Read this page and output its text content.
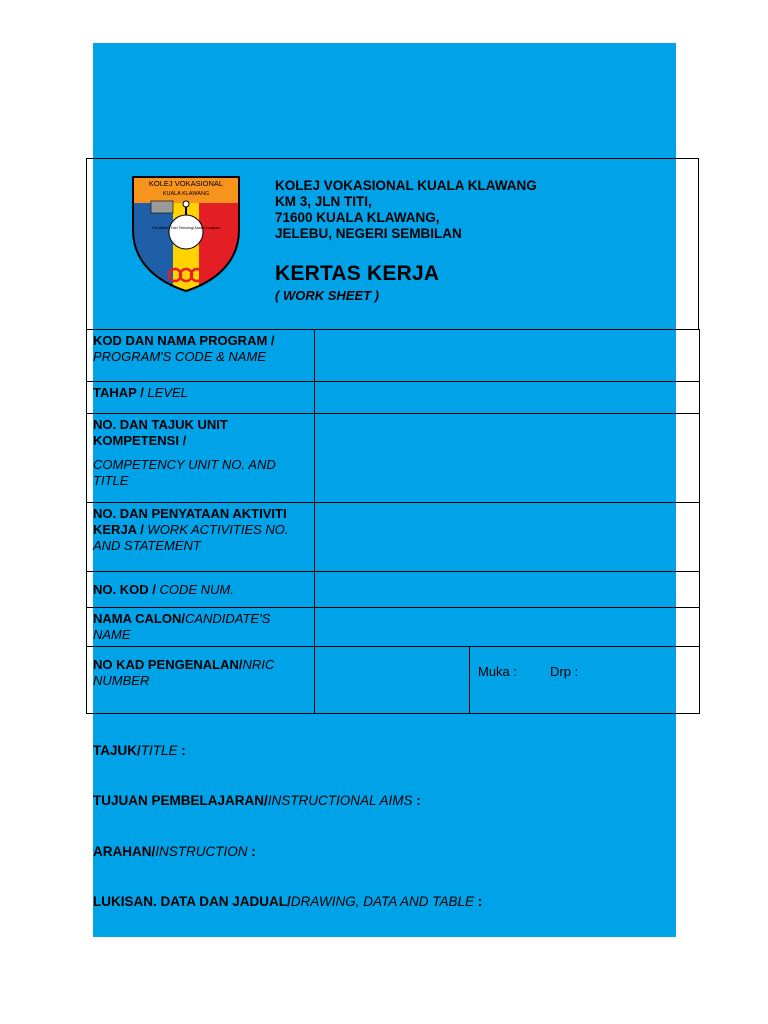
KOLEJ VOKASIONAL
KUALA KLAWANG
Pendidikan Dan Teknologi Asas Kemajuan
KOLEJ VOKASIONAL KUALA KLAWANG
KM 3, JLN TITI,
71600 KUALA KLAWANG,
JELEBU, NEGERI SEMBILAN
KERTAS KERJA
( WORK SHEET )
KOD DAN NAMA PROGRAM /
PROGRAM'S CODE & NAME		
TAHAP / LEVEL		

NO. DAN TAJUK UNIT KOMPETENSI /
COMPETENCY UNIT NO. AND TITLE		

NO. DAN PENYATAAN AKTIVITI KERJA / WORK ACTIVITIES NO. AND STATEMENT		
NO. KOD / CODE NUM.		
NAMA CALON/CANDIDATE'S NAME		
NO KAD PENGENALAN/NRIC NUMBER		Muka : Drp :
TAJUK/TITLE :
TUJUAN PEMBELAJARAN/INSTRUCTIONAL AIMS :
ARAHAN/INSTRUCTION :
LUKISAN. DATA DAN JADUAL/DRAWING, DATA AND TABLE :
